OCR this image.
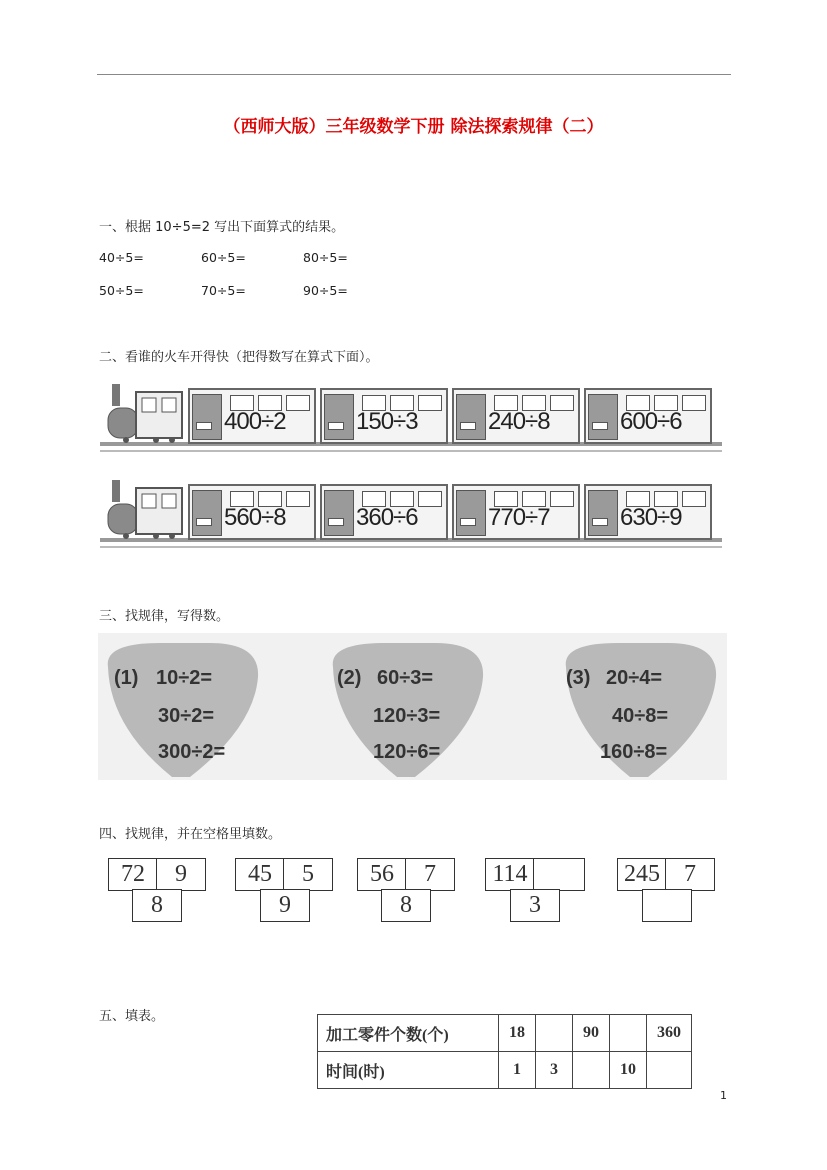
（西师大版）三年级数学下册 除法探索规律（二）
一、根据 10÷5=2 写出下面算式的结果。
40÷5=	60÷5=	80÷5=
50÷5=	70÷5=	90÷5=
二、看谁的火车开得快（把得数写在算式下面）。
400÷2	150÷3	240÷8	600÷6
560÷8	360÷6	770÷7	630÷9
三、找规律，写得数。
(1) 10÷2=
30÷2=
300÷2=
(2) 60÷3=
120÷3=
120÷6=
(3) 20÷4=
40÷8=
160÷8=
四、找规律，并在空格里填数。
72	9
8
45	5
9
56	7
8
114
3
245	7
五、填表。
加工零件个数(个)	18		90		360
时间(时)	1	3		10	
1
